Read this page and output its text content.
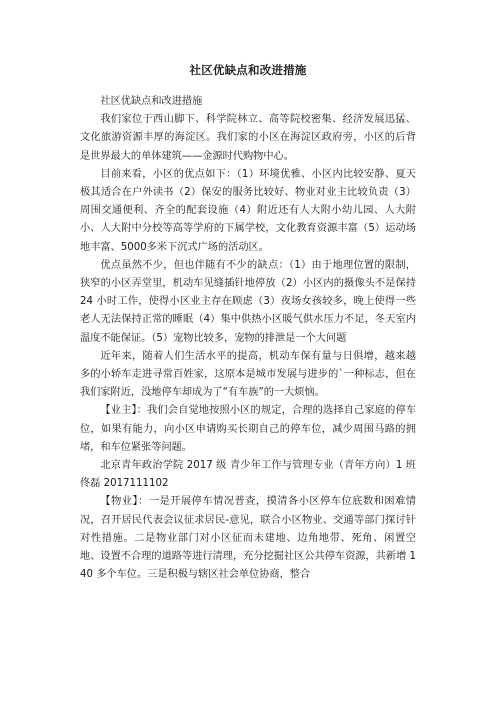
社区优缺点和改进措施

社区优缺点和改进措施

我们家位于西山脚下、科学院林立、高等院校密集、经济发展迅猛、文化旅游资源丰厚的海淀区。我们家的小区在海淀区政府旁，小区的后背是世界最大的单体建筑——金源时代购物中心。

目前来看，小区的优点如下：（1）环境优雅、小区内比较安静、夏天极其适合在户外读书（2）保安的服务比较好、物业对业主比较负责（3）周围交通便利、齐全的配套设施（4）附近还有人大附小幼儿园、人大附小、人大附中分校等高等学府的下属学校，文化教育资源丰富（5）运动场地丰富、5000多米下沉式广场的活动区。

优点虽然不少，但也伴随有不少的缺点：（1）由于地理位置的限制，狭窄的小区弄堂里，机动车见缝插针地停放（2）小区内的摄像头不是保持 24 小时工作，使得小区业主存在顾虑（3）夜场女孩较多，晚上使得一些老人无法保持正常的睡眠（4）集中供热小区暖气供水压力不足，冬天室内温度不能保证。（5）宠物比较多，宠物的排泄是一个大问题

近年来，随着人们生活水平的提高，机动车保有量与日俱增，越来越多的小轿车走进寻常百姓家，这原本是城市发展与进步的`一种标志，但在我们家附近，没地停车却成为了“有车族”的一大烦恼。

【业主】：我们会自觉地按照小区的规定，合理的选择自己家庭的停车位，如果有能力，向小区申请购买长期自己的停车位，减少周围马路的拥堵，和车位紧张等问题。

北京青年政治学院 2017 级 青少年工作与管理专业（青年方向）1 班 佟磊 2017111102

【物业】：一是开展停车情况普查，摸清各小区停车位底数和困难情况，召开居民代表会议征求居民-意见，联合小区物业、交通等部门探讨针对性措施。二是物业部门对小区征而未建地、边角地带、死角、闲置空地、设置不合理的道路等进行清理，充分挖掘社区公共停车资源，共新增 140 多个车位。三是积极与辖区社会单位协商，整合
